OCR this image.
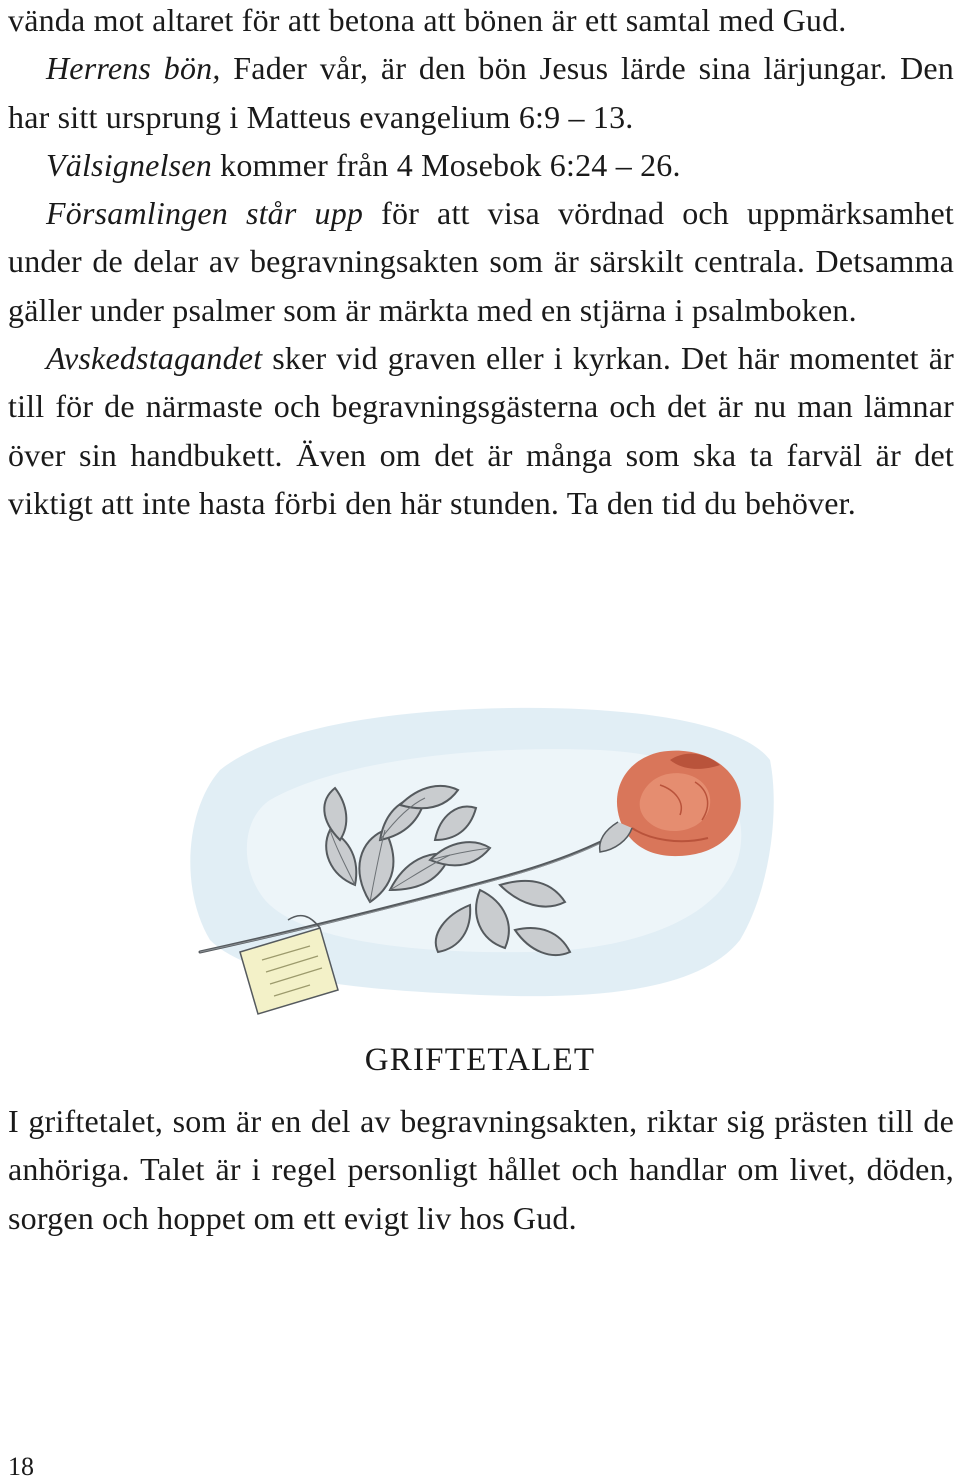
vända mot altaret för att betona att bönen är ett samtal med Gud.

Herrens bön, Fader vår, är den bön Jesus lärde sina lärjungar. Den har sitt ursprung i Matteus evangelium 6:9 – 13.

Välsignelsen kommer från 4 Mosebok 6:24 – 26.

Församlingen står upp för att visa vördnad och uppmärksamhet under de delar av begravningsakten som är särskilt centrala. Detsamma gäller under psalmer som är märkta med en stjärna i psalmboken.

Avskedstagandet sker vid graven eller i kyrkan. Det här momentet är till för de närmaste och begravningsgästerna och det är nu man lämnar över sin handbukett. Även om det är många som ska ta farväl är det viktigt att inte hasta förbi den här stunden. Ta den tid du behöver.

GRIFTETALET

I griftetalet, som är en del av begravningsakten, riktar sig prästen till de anhöriga. Talet är i regel personligt hållet och handlar om livet, döden, sorgen och hoppet om ett evigt liv hos Gud.

18
